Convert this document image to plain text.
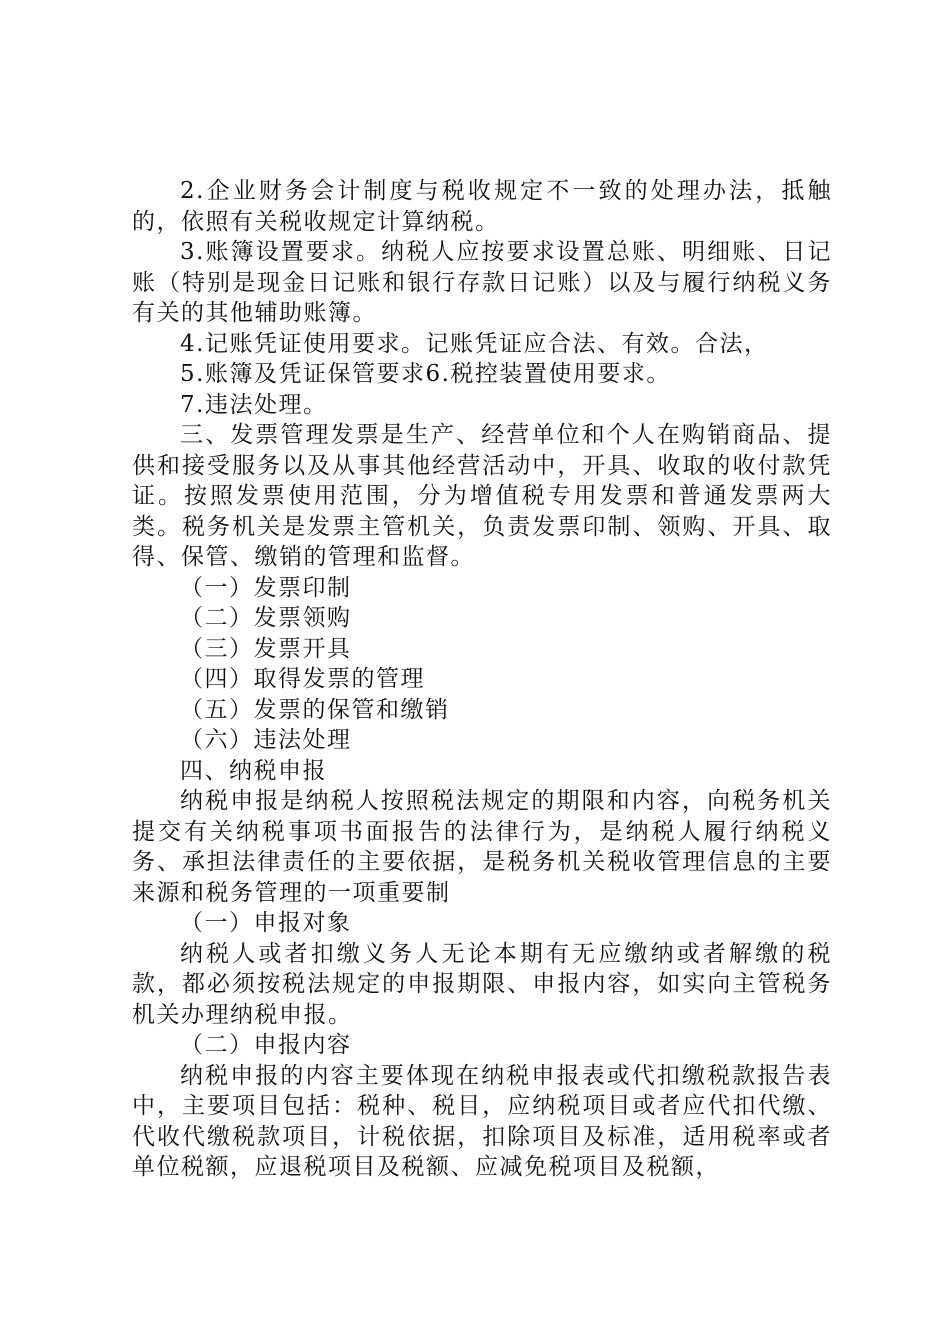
2.企业财务会计制度与税收规定不一致的处理办法，抵触的，依照有关税收规定计算纳税。

3.账簿设置要求。纳税人应按要求设置总账、明细账、日记账（特别是现金日记账和银行存款日记账）以及与履行纳税义务有关的其他辅助账簿。

4.记账凭证使用要求。记账凭证应合法、有效。合法，

5.账簿及凭证保管要求6.税控装置使用要求。

7.违法处理。

三、发票管理发票是生产、经营单位和个人在购销商品、提供和接受服务以及从事其他经营活动中，开具、收取的收付款凭证。按照发票使用范围，分为增值税专用发票和普通发票两大类。税务机关是发票主管机关，负责发票印制、领购、开具、取得、保管、缴销的管理和监督。

（一）发票印制

（二）发票领购

（三）发票开具

（四）取得发票的管理

（五）发票的保管和缴销

（六）违法处理

四、纳税申报

纳税申报是纳税人按照税法规定的期限和内容，向税务机关提交有关纳税事项书面报告的法律行为，是纳税人履行纳税义务、承担法律责任的主要依据，是税务机关税收管理信息的主要来源和税务管理的一项重要制

（一）申报对象

纳税人或者扣缴义务人无论本期有无应缴纳或者解缴的税款，都必须按税法规定的申报期限、申报内容，如实向主管税务机关办理纳税申报。

（二）申报内容

纳税申报的内容主要体现在纳税申报表或代扣缴税款报告表中，主要项目包括：税种、税目，应纳税项目或者应代扣代缴、代收代缴税款项目，计税依据，扣除项目及标准，适用税率或者单位税额，应退税项目及税额、应减免税项目及税额，
